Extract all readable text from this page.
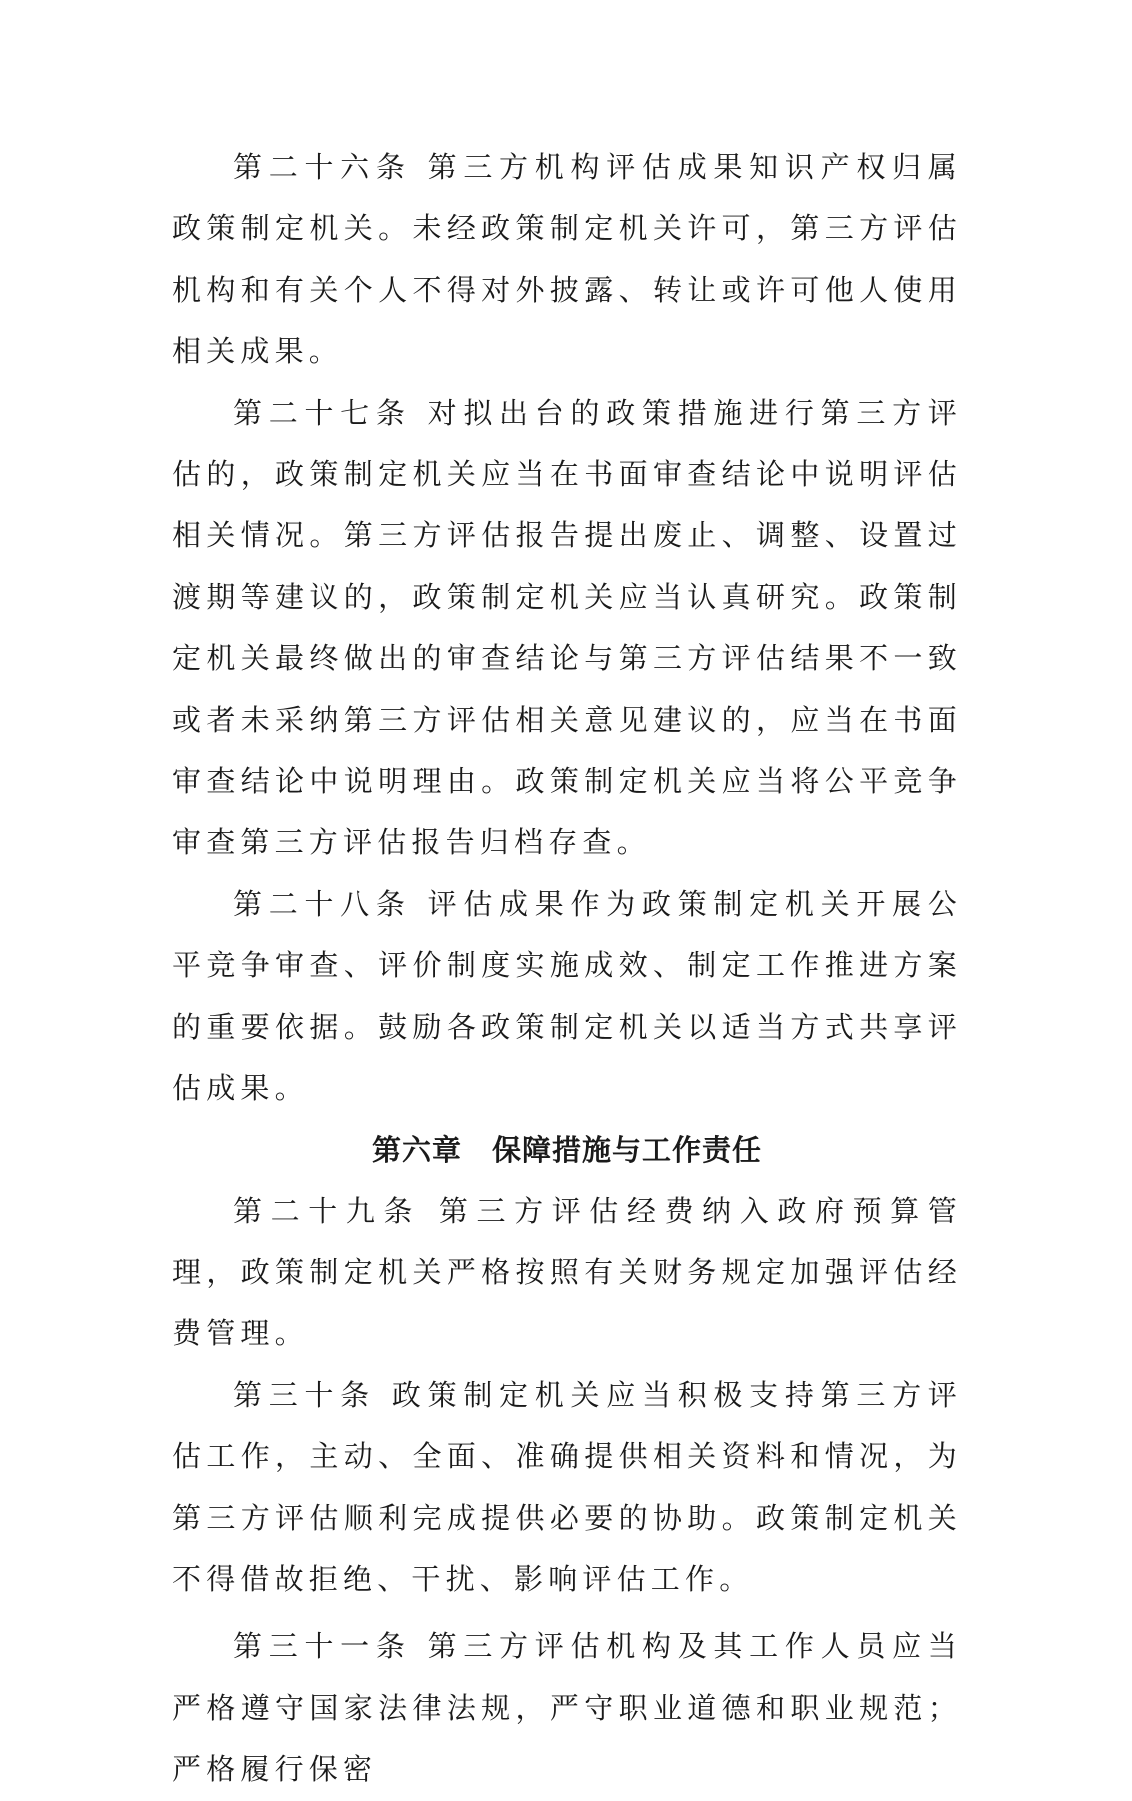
第二十六条 第三方机构评估成果知识产权归属政策制定机关。未经政策制定机关许可，第三方评估机构和有关个人不得对外披露、转让或许可他人使用相关成果。

第二十七条 对拟出台的政策措施进行第三方评估的，政策制定机关应当在书面审查结论中说明评估相关情况。第三方评估报告提出废止、调整、设置过渡期等建议的，政策制定机关应当认真研究。政策制定机关最终做出的审查结论与第三方评估结果不一致或者未采纳第三方评估相关意见建议的，应当在书面审查结论中说明理由。政策制定机关应当将公平竞争审查第三方评估报告归档存查。

第二十八条 评估成果作为政策制定机关开展公平竞争审查、评价制度实施成效、制定工作推进方案的重要依据。鼓励各政策制定机关以适当方式共享评估成果。

第六章　保障措施与工作责任

第二十九条 第三方评估经费纳入政府预算管理，政策制定机关严格按照有关财务规定加强评估经费管理。

第三十条 政策制定机关应当积极支持第三方评估工作，主动、全面、准确提供相关资料和情况，为第三方评估顺利完成提供必要的协助。政策制定机关不得借故拒绝、干扰、影响评估工作。

第三十一条 第三方评估机构及其工作人员应当严格遵守国家法律法规，严守职业道德和职业规范；严格履行保密
